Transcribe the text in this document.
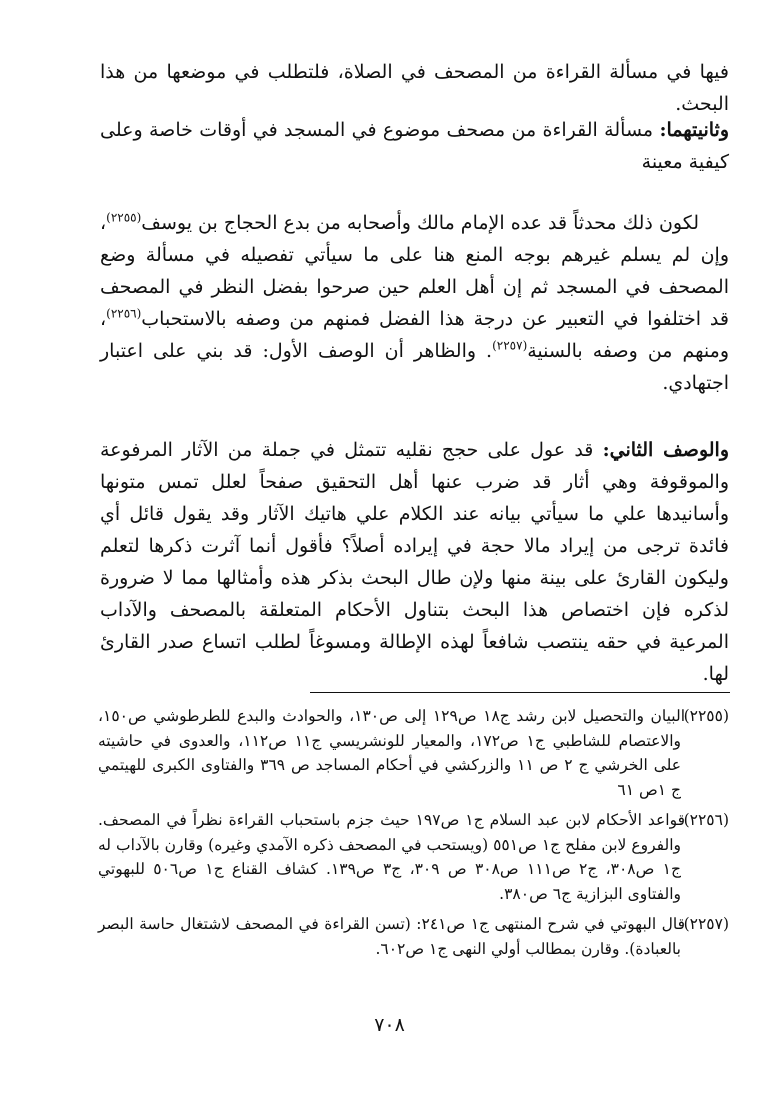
فيها في مسألة القراءة من المصحف في الصلاة، فلتطلب في موضعها من هذا البحث.

وثانيتهما: مسألة القراءة من مصحف موضوع في المسجد في أوقات خاصة وعلى كيفية معينة

لكون ذلك محدثاً قد عده الإمام مالك وأصحابه من بدع الحجاج بن يوسف$^{(٢٢٥٥)}$، وإن لم يسلم غيرهم بوجه المنع هنا على ما سيأتي تفصيله في مسألة وضع المصحف في المسجد ثم إن أهل العلم حين صرحوا بفضل النظر في المصحف قد اختلفوا في التعبير عن درجة هذا الفضل فمنهم من وصفه بالاستحباب$^{(٢٢٥٦)}$، ومنهم من وصفه بالسنية$^{(٢٢٥٧)}$. والظاهر أن الوصف الأول: قد بني على اعتبار اجتهادي.

والوصف الثاني: قد عول على حجج نقليه تتمثل في جملة من الآثار المرفوعة والموقوفة وهي أثار قد ضرب عنها أهل التحقيق صفحاً لعلل تمس متونها وأسانيدها علي ما سيأتي بيانه عند الكلام علي هاتيك الآثار وقد يقول قائل أي فائدة ترجى من إيراد مالا حجة في إيراده أصلاً؟ فأقول أنما آثرت ذكرها لتعلم وليكون القارئ على بينة منها ولإن طال البحث بذكر هذه وأمثالها مما لا ضرورة لذكره فإن اختصاص هذا البحث بتناول الأحكام المتعلقة بالمصحف والآداب المرعية في حقه ينتصب شافعاً لهذه الإطالة ومسوغاً لطلب اتساع صدر القارئ لها.

(٢٢٥٥)البيان والتحصيل لابن رشد ج١٨ ص١٢٩ إلى ص١٣٠، والحوادث والبدع للطرطوشي ص١٥٠، والاعتصام للشاطبي ج١ ص١٧٢، والمعيار للونشريسي ج١١ ص١١٢، والعدوى في حاشيته على الخرشي ج ٢ ص ١١ والزركشي في أحكام المساجد ص ٣٦٩ والفتاوى الكبرى للهيتمي ج ١ص ٦١
(٢٢٥٦)قواعد الأحكام لابن عبد السلام ج١ ص١٩٧ حيث جزم باستحباب القراءة نظراً في المصحف. والفروع لابن مفلح ج١ ص٥٥١ (ويستحب في المصحف ذكره الآمدي وغيره) وقارن بالآداب له ج١ ص٣٠٨، ج٢ ص١١١ ص٣٠٨ ص ٣٠٩، ج٣ ص١٣٩. كشاف القناع ج١ ص٥٠٦ للبهوتي والفتاوى البزازية ج٦ ص٣٨٠.
(٢٢٥٧)قال البهوتي في شرح المنتهى ج١ ص٢٤١: (تسن القراءة في المصحف لاشتغال حاسة البصر بالعبادة). وقارن بمطالب أولي النهى ج١ ص٦٠٢.
٧٠٨
